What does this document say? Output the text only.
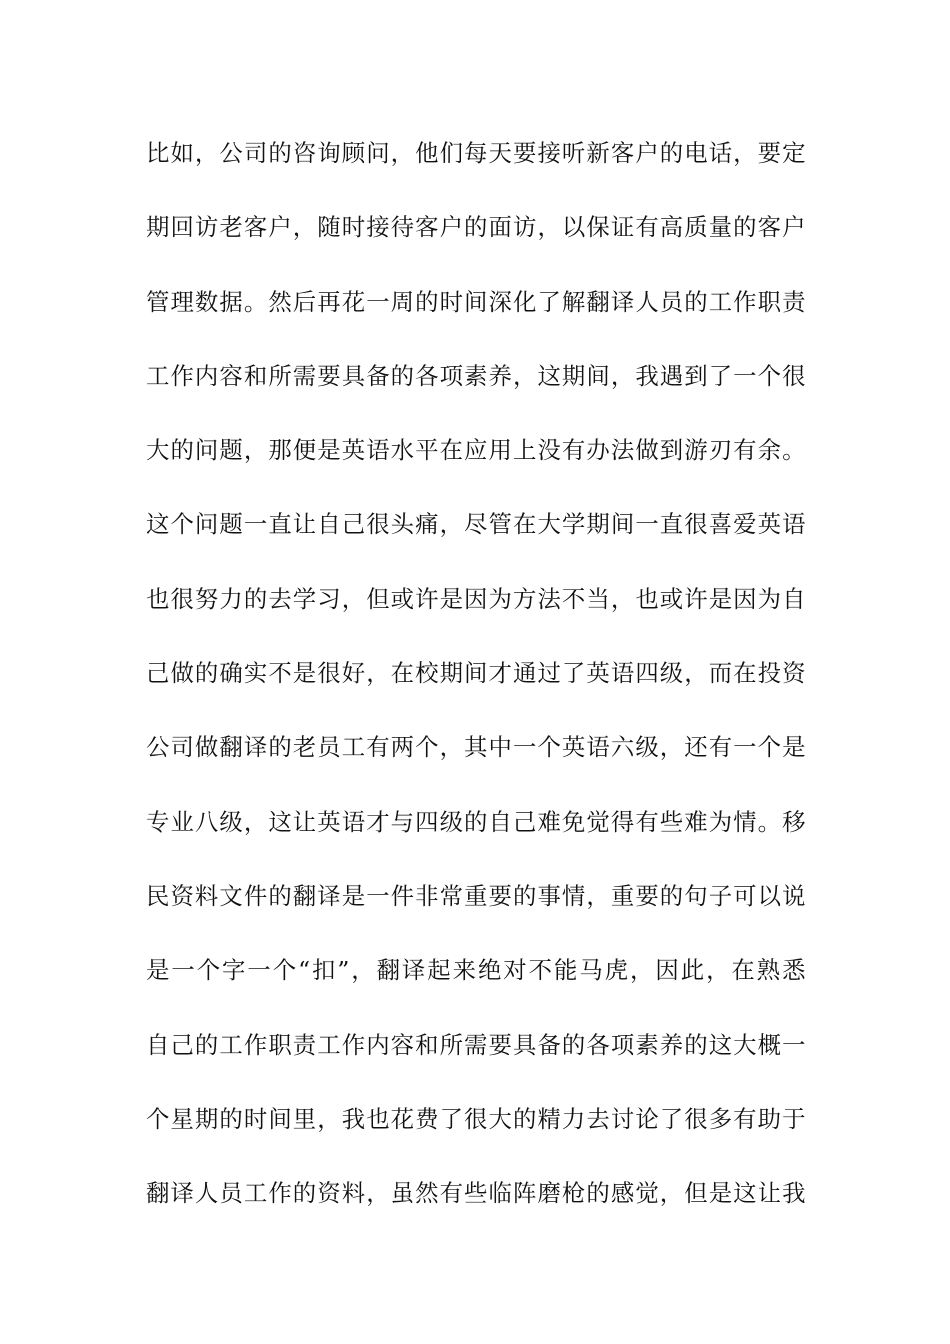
比如，公司的咨询顾问，他们每天要接听新客户的电话，要定
期回访老客户，随时接待客户的面访，以保证有高质量的客户
管理数据。然后再花一周的时间深化了解翻译人员的工作职责
工作内容和所需要具备的各项素养，这期间，我遇到了一个很
大的问题，那便是英语水平在应用上没有办法做到游刃有余。
这个问题一直让自己很头痛，尽管在大学期间一直很喜爱英语
也很努力的去学习，但或许是因为方法不当，也或许是因为自
己做的确实不是很好，在校期间才通过了英语四级，而在投资
公司做翻译的老员工有两个，其中一个英语六级，还有一个是
专业八级，这让英语才与四级的自己难免觉得有些难为情。移
民资料文件的翻译是一件非常重要的事情，重要的句子可以说
是一个字一个“扣”，翻译起来绝对不能马虎，因此，在熟悉
自己的工作职责工作内容和所需要具备的各项素养的这大概一
个星期的时间里，我也花费了很大的精力去讨论了很多有助于
翻译人员工作的资料，虽然有些临阵磨枪的感觉，但是这让我
